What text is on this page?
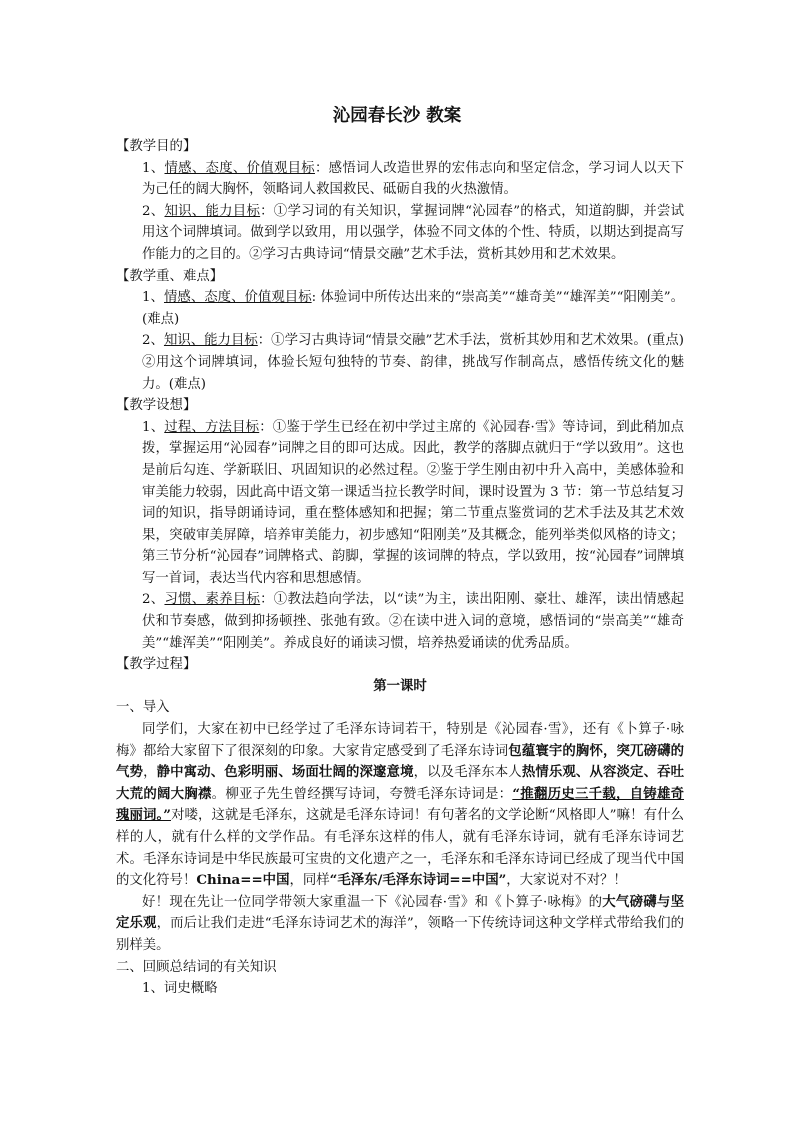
沁园春长沙 教案

【教学目的】

1、情感、态度、价值观目标：感悟词人改造世界的宏伟志向和坚定信念，学习词人以天下为己任的阔大胸怀，领略词人救国救民、砥砺自我的火热激情。

2、知识、能力目标：①学习词的有关知识，掌握词牌“沁园春”的格式，知道韵脚，并尝试用这个词牌填词。做到学以致用，用以强学，体验不同文体的个性、特质，以期达到提高写作能力的之目的。②学习古典诗词“情景交融”艺术手法，赏析其妙用和艺术效果。

【教学重、难点】

1、情感、态度、价值观目标: 体验词中所传达出来的“崇高美”“雄奇美”“雄浑美”“阳刚美”。(难点)

2、知识、能力目标：①学习古典诗词“情景交融”艺术手法，赏析其妙用和艺术效果。(重点) ②用这个词牌填词，体验长短句独特的节奏、韵律，挑战写作制高点，感悟传统文化的魅力。(难点)

【教学设想】

1、过程、方法目标：①鉴于学生已经在初中学过主席的《沁园春·雪》等诗词，到此稍加点拨，掌握运用“沁园春”词牌之目的即可达成。因此，教学的落脚点就归于“学以致用”。这也是前后勾连、学新联旧、巩固知识的必然过程。②鉴于学生刚由初中升入高中，美感体验和审美能力较弱，因此高中语文第一课适当拉长教学时间，课时设置为 3 节：第一节总结复习词的知识，指导朗诵诗词，重在整体感知和把握；第二节重点鉴赏词的艺术手法及其艺术效果，突破审美屏障，培养审美能力，初步感知“阳刚美”及其概念，能列举类似风格的诗文；第三节分析“沁园春”词牌格式、韵脚，掌握的该词牌的特点，学以致用，按“沁园春”词牌填写一首词，表达当代内容和思想感情。

2、习惯、素养目标：①教法趋向学法，以“读”为主，读出阳刚、豪壮、雄浑，读出情感起伏和节奏感，做到抑扬顿挫、张弛有致。②在读中进入词的意境，感悟词的“崇高美”“雄奇美”“雄浑美”“阳刚美”。养成良好的诵读习惯，培养热爱诵读的优秀品质。

【教学过程】

第一课时

一、导入

同学们，大家在初中已经学过了毛泽东诗词若干，特别是《沁园春·雪》，还有《卜算子·咏梅》都给大家留下了很深刻的印象。大家肯定感受到了毛泽东诗词包蕴寰宇的胸怀，突兀磅礴的气势，静中寓动、色彩明丽、场面壮阔的深邃意境，以及毛泽东本人热情乐观、从容淡定、吞吐大荒的阔大胸襟。柳亚子先生曾经撰写诗词，夸赞毛泽东诗词是：“推翻历史三千载，自铸雄奇瑰丽词。”对喽，这就是毛泽东，这就是毛泽东诗词！有句著名的文学论断“风格即人”嘛！有什么样的人，就有什么样的文学作品。有毛泽东这样的伟人，就有毛泽东诗词，就有毛泽东诗词艺术。毛泽东诗词是中华民族最可宝贵的文化遗产之一，毛泽东和毛泽东诗词已经成了现当代中国的文化符号！China==中国，同样“毛泽东/毛泽东诗词==中国”，大家说对不对？！

好！现在先让一位同学带领大家重温一下《沁园春·雪》和《卜算子·咏梅》的大气磅礴与坚定乐观，而后让我们走进“毛泽东诗词艺术的海洋”，领略一下传统诗词这种文学样式带给我们的别样美。

二、回顾总结词的有关知识

1、词史概略
